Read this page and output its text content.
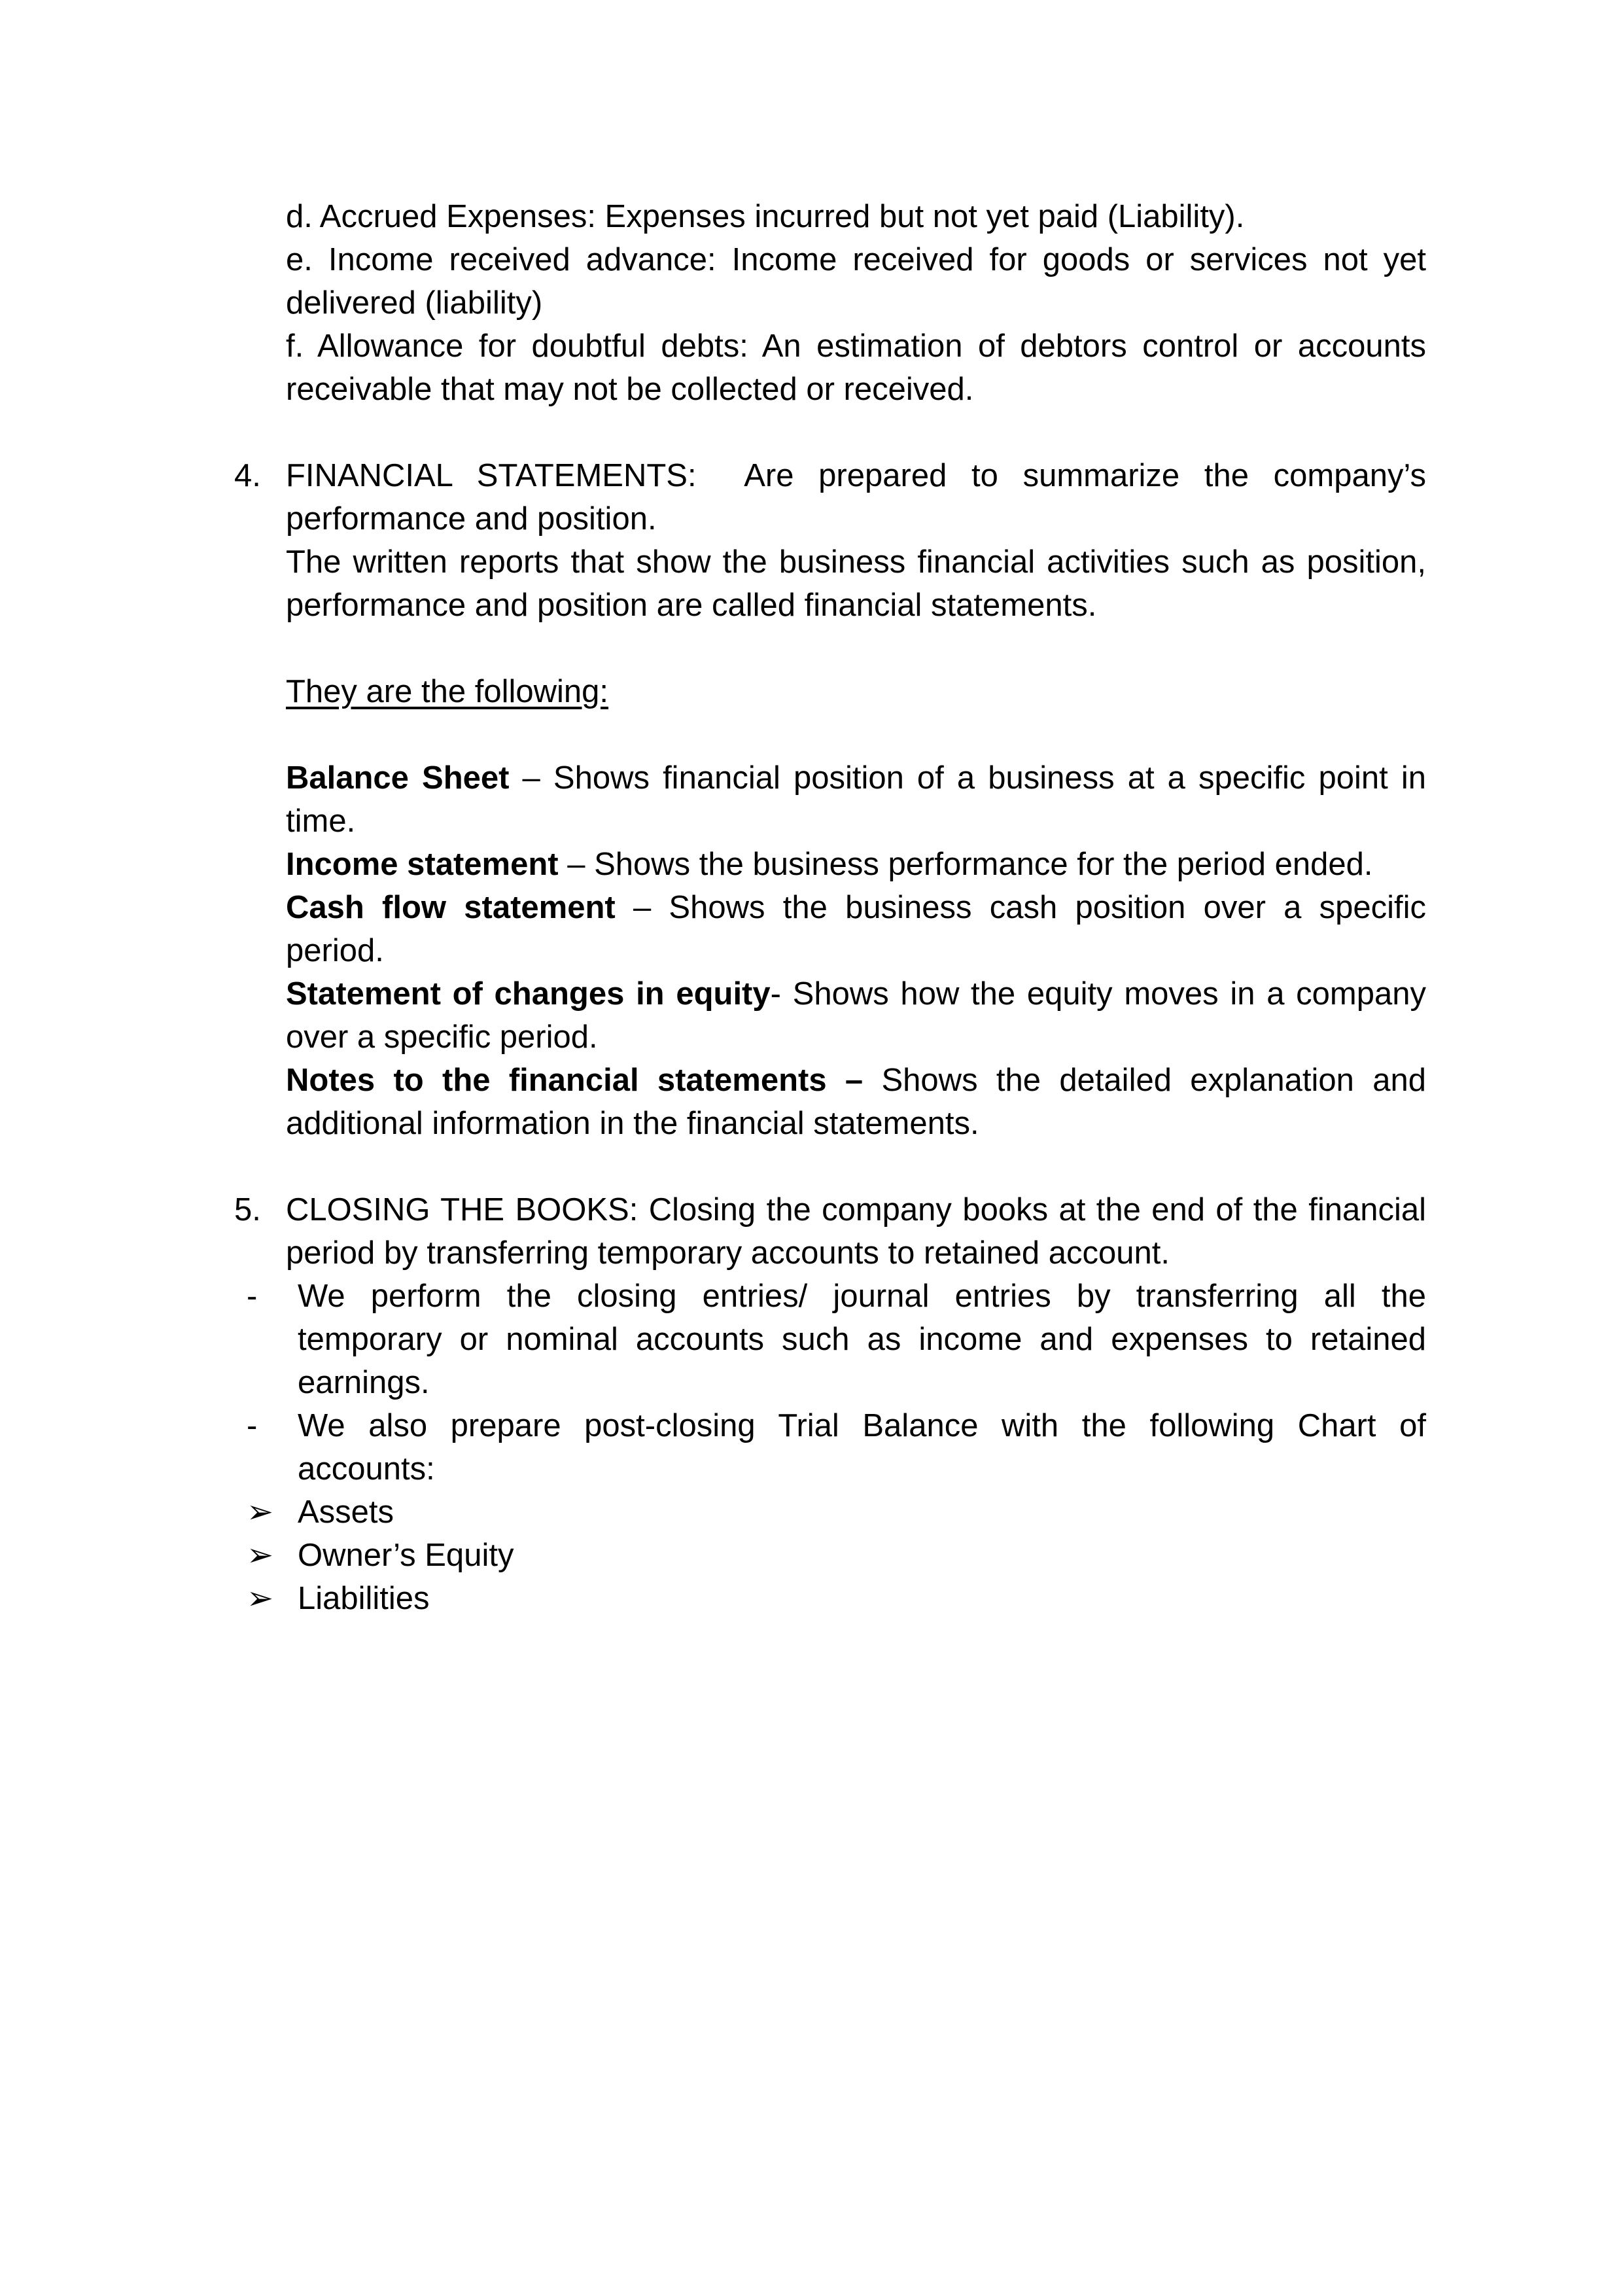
d. Accrued Expenses: Expenses incurred but not yet paid (Liability).
e. Income received advance: Income received for goods or services not yet
delivered (liability)
f. Allowance for doubtful debts: An estimation of debtors control or accounts
receivable that may not be collected or received.
4. FINANCIAL STATEMENTS:  Are prepared to summarize the company’s
performance and position.
The written reports that show the business financial activities such as position,
performance and position are called financial statements.
They are the following:
Balance Sheet – Shows financial position of a business at a specific point in
time.
Income statement – Shows the business performance for the period ended.
Cash flow statement – Shows the business cash position over a specific
period.
Statement of changes in equity- Shows how the equity moves in a company
over a specific period.
Notes to the financial statements – Shows the detailed explanation and
additional information in the financial statements.
5. CLOSING THE BOOKS: Closing the company books at the end of the financial
period by transferring temporary accounts to retained account.
- We perform the closing entries/ journal entries by transferring all the
temporary or nominal accounts such as income and expenses to retained
earnings.
- We also prepare post-closing Trial Balance with the following Chart of
accounts:
➢ Assets
➢ Owner’s Equity
➢ Liabilities
